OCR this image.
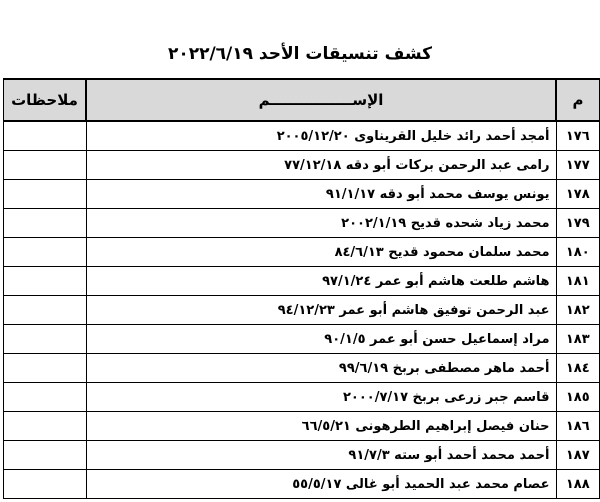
كشف تنسيقات الأحد ٢٠٢٢/٦/١٩
م	الإســــــــــــــــم	ملاحظات
١٧٦	أمجد أحمد رائد خليل القريناوى ٢٠٠٥/١٢/٢٠	
١٧٧	رامى عبد الرحمن بركات أبو دقه ٧٧/١٢/١٨	
١٧٨	يونس يوسف محمد أبو دقه ٩١/١/١٧	
١٧٩	محمد زياد شحده قديح ٢٠٠٢/١/١٩	
١٨٠	محمد سلمان محمود قديح ٨٤/٦/١٣	
١٨١	هاشم طلعت هاشم أبو عمر ٩٧/١/٢٤	
١٨٢	عبد الرحمن توفيق هاشم أبو عمر ٩٤/١٢/٢٣	
١٨٣	مراد إسماعيل حسن أبو عمر ٩٠/١/٥	
١٨٤	أحمد ماهر مصطفى بربخ ٩٩/٦/١٩	
١٨٥	قاسم جبر زرعى بربخ ٢٠٠٠/٧/١٧	
١٨٦	حنان فيصل إبراهيم الطرهونى ٦٦/٥/٢١	
١٨٧	أحمد محمد أحمد أبو سته ٩١/٧/٣	
١٨٨	عصام محمد عبد الحميد أبو غالى ٥٥/٥/١٧	
